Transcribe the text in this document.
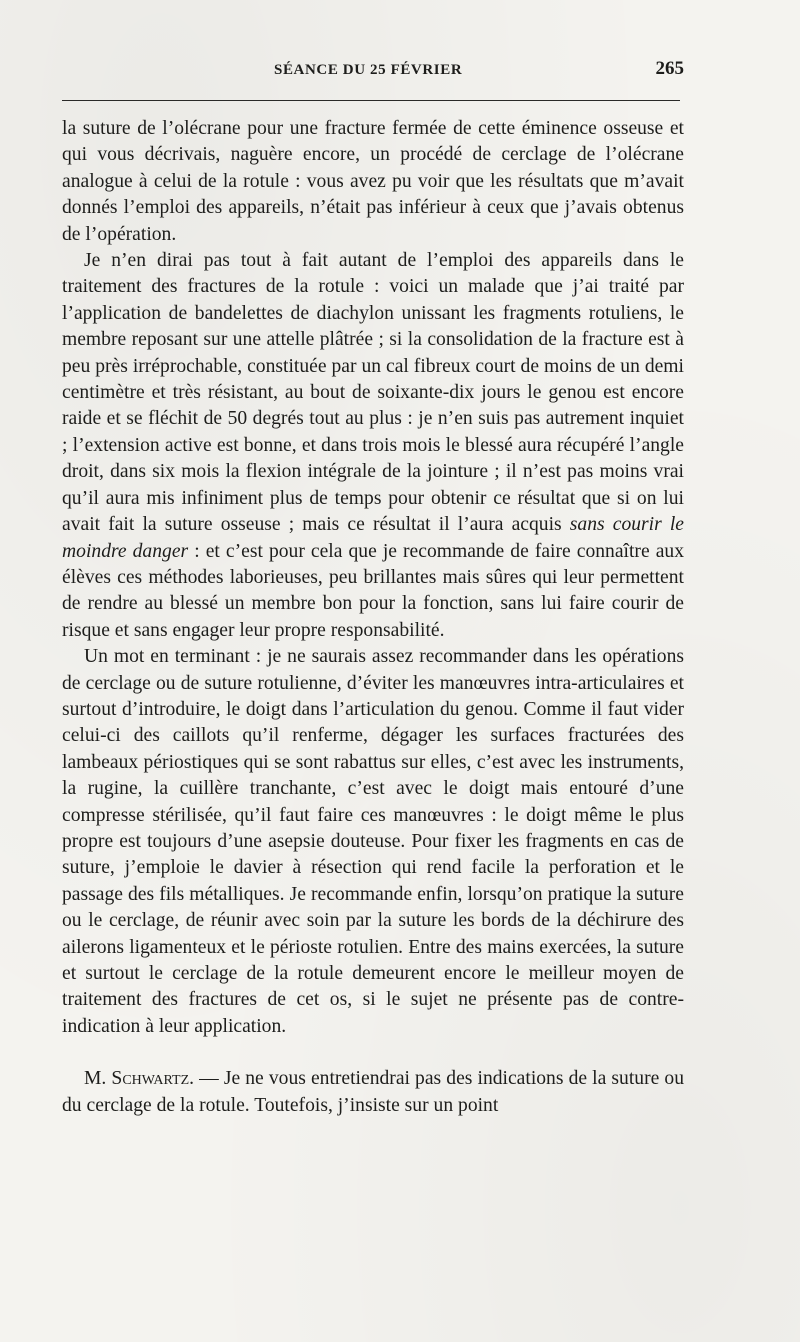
SÉANCE DU 25 FÉVRIER	265

la suture de l’olécrane pour une fracture fermée de cette éminence osseuse et qui vous décrivais, naguère encore, un procédé de cerclage de l’olécrane analogue à celui de la rotule : vous avez pu voir que les résultats que m’avait donnés l’emploi des appareils, n’était pas inférieur à ceux que j’avais obtenus de l’opération.

Je n’en dirai pas tout à fait autant de l’emploi des appareils dans le traitement des fractures de la rotule : voici un malade que j’ai traité par l’application de bandelettes de diachylon unissant les fragments rotuliens, le membre reposant sur une attelle plâtrée ; si la consolidation de la fracture est à peu près irréprochable, constituée par un cal fibreux court de moins de un demi centimètre et très résistant, au bout de soixante-dix jours le genou est encore raide et se fléchit de 50 degrés tout au plus : je n’en suis pas autrement inquiet ; l’extension active est bonne, et dans trois mois le blessé aura récupéré l’angle droit, dans six mois la flexion intégrale de la jointure ; il n’est pas moins vrai qu’il aura mis infiniment plus de temps pour obtenir ce résultat que si on lui avait fait la suture osseuse ; mais ce résultat il l’aura acquis sans courir le moindre danger : et c’est pour cela que je recommande de faire connaître aux élèves ces méthodes laborieuses, peu brillantes mais sûres qui leur permettent de rendre au blessé un membre bon pour la fonction, sans lui faire courir de risque et sans engager leur propre responsabilité.

Un mot en terminant : je ne saurais assez recommander dans les opérations de cerclage ou de suture rotulienne, d’éviter les manœuvres intra-articulaires et surtout d’introduire, le doigt dans l’articulation du genou. Comme il faut vider celui-ci des caillots qu’il renferme, dégager les surfaces fracturées des lambeaux périostiques qui se sont rabattus sur elles, c’est avec les instruments, la rugine, la cuillère tranchante, c’est avec le doigt mais entouré d’une compresse stérilisée, qu’il faut faire ces manœuvres : le doigt même le plus propre est toujours d’une asepsie douteuse. Pour fixer les fragments en cas de suture, j’emploie le davier à résection qui rend facile la perforation et le passage des fils métalliques. Je recommande enfin, lorsqu’on pratique la suture ou le cerclage, de réunir avec soin par la suture les bords de la déchirure des ailerons ligamenteux et le périoste rotulien. Entre des mains exercées, la suture et surtout le cerclage de la rotule demeurent encore le meilleur moyen de traitement des fractures de cet os, si le sujet ne présente pas de contre-indication à leur application.

M. Schwartz. — Je ne vous entretiendrai pas des indications de la suture ou du cerclage de la rotule. Toutefois, j’insiste sur un point
